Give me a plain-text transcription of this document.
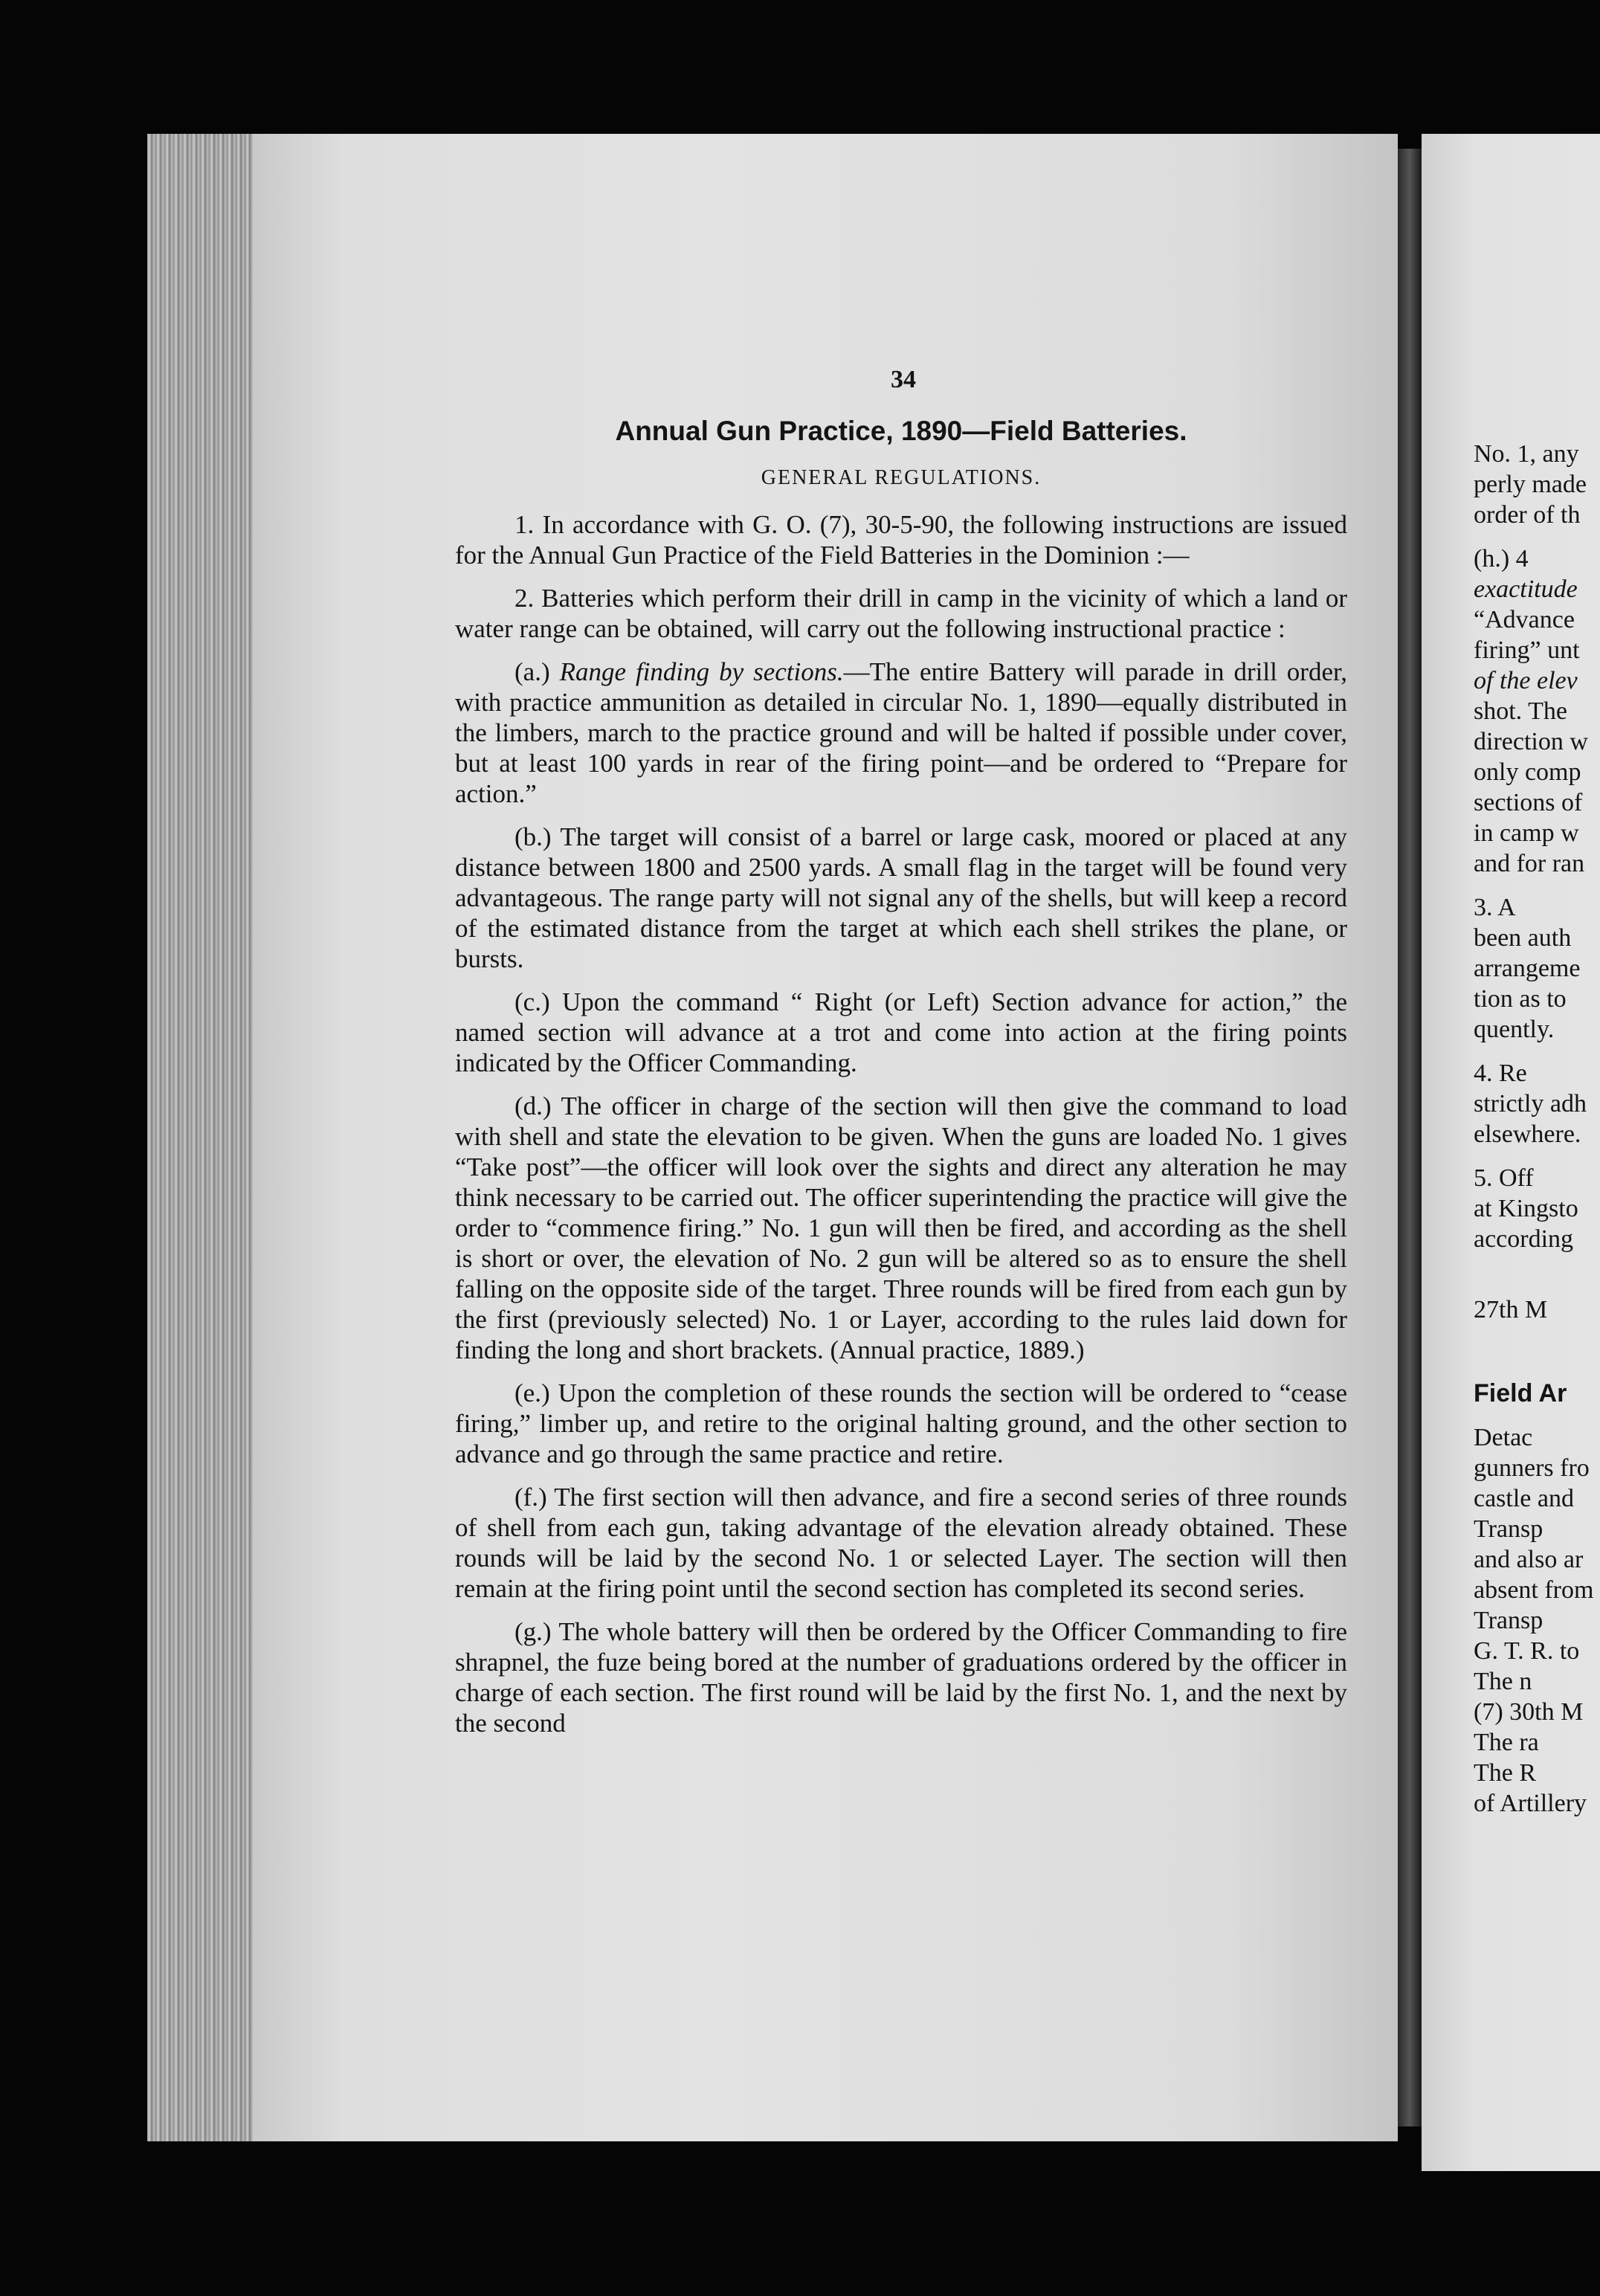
34
Annual Gun Practice, 1890—Field Batteries.
GENERAL REGULATIONS.

1. In accordance with G. O. (7), 30-5-90, the following instructions are issued for the Annual Gun Practice of the Field Batteries in the Dominion :—

2. Batteries which perform their drill in camp in the vicinity of which a land or water range can be obtained, will carry out the following instructional practice :

(a.) Range finding by sections.—The entire Battery will parade in drill order, with practice ammunition as detailed in circular No. 1, 1890—equally distributed in the limbers, march to the practice ground and will be halted if possible under cover, but at least 100 yards in rear of the firing point—and be ordered to “Prepare for action.”

(b.) The target will consist of a barrel or large cask, moored or placed at any distance between 1800 and 2500 yards. A small flag in the target will be found very advantageous. The range party will not signal any of the shells, but will keep a record of the estimated distance from the target at which each shell strikes the plane, or bursts.

(c.) Upon the command “ Right (or Left) Section advance for action,” the named section will advance at a trot and come into action at the firing points indicated by the Officer Commanding.

(d.) The officer in charge of the section will then give the command to load with shell and state the elevation to be given. When the guns are loaded No. 1 gives “Take post”—the officer will look over the sights and direct any alteration he may think necessary to be carried out. The officer superintending the practice will give the order to “commence firing.” No. 1 gun will then be fired, and according as the shell is short or over, the elevation of No. 2 gun will be altered so as to ensure the shell falling on the opposite side of the target. Three rounds will be fired from each gun by the first (previously selected) No. 1 or Layer, according to the rules laid down for finding the long and short brackets. (Annual practice, 1889.)

(e.) Upon the completion of these rounds the section will be ordered to “cease firing,” limber up, and retire to the original halting ground, and the other section to advance and go through the same practice and retire.

(f.) The first section will then advance, and fire a second series of three rounds of shell from each gun, taking advantage of the elevation already obtained. These rounds will be laid by the second No. 1 or selected Layer. The section will then remain at the firing point until the second section has completed its second series.

(g.) The whole battery will then be ordered by the Officer Commanding to fire shrapnel, the fuze being bored at the number of graduations ordered by the officer in charge of each section. The first round will be laid by the first No. 1, and the next by the second

No. 1, any
perly made
order of th
(h.) 4
exactitude
“Advance
firing” unt
of the elev
shot. The
direction w
only comp
sections of
in camp w
and for ran
3. A
been auth
arrangeme
tion as to
quently.
4. Re
strictly adh
elsewhere.
5. Off
at Kingsto
according
27th M
Field Ar
Detac
gunners fro
castle and
Transp
and also ar
absent from
Transp
G. T. R. to
The n
(7) 30th M
The ra
The R
of Artillery
